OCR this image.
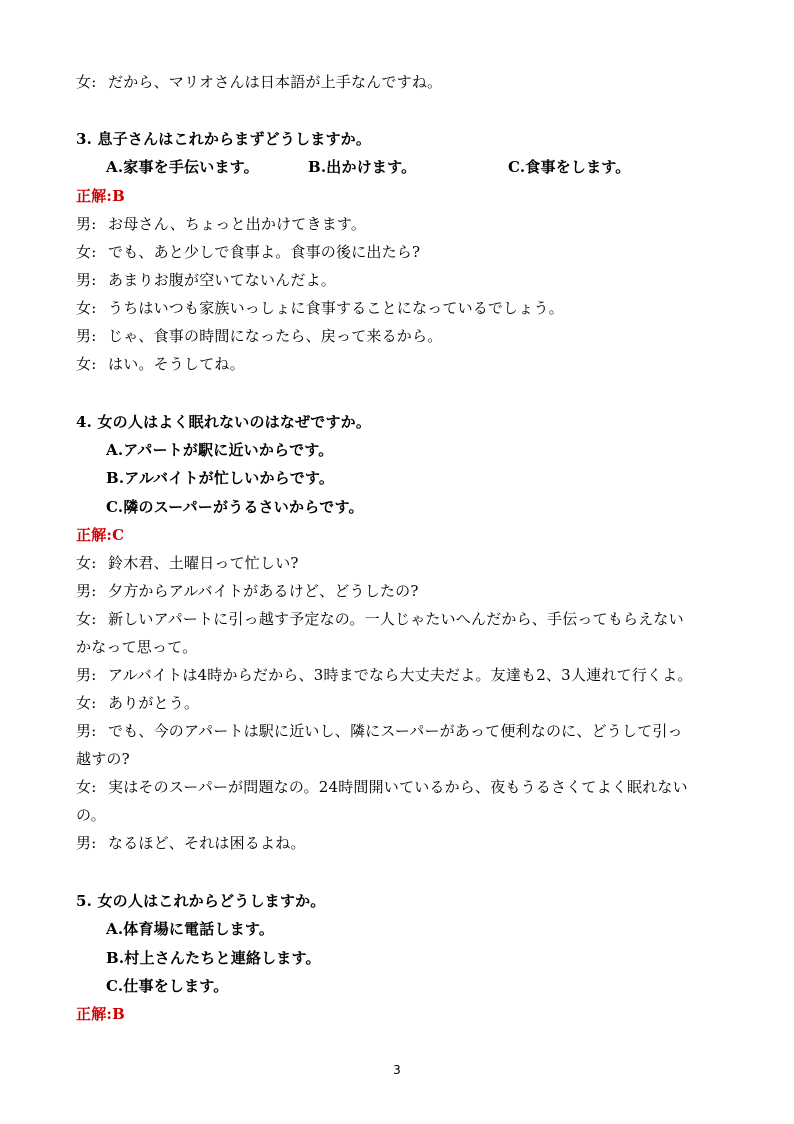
女: だから、マリオさんは日本語が上手なんですね。
3. 息子さんはこれからまずどうしますか。
A.家事を手伝います。	B.出かけます。	C.食事をします。
正解:B
男: お母さん、ちょっと出かけてきます。
女: でも、あと少しで食事よ。食事の後に出たら?
男: あまりお腹が空いてないんだよ。
女: うちはいつも家族いっしょに食事することになっているでしょう。
男: じゃ、食事の時間になったら、戻って来るから。
女: はい。そうしてね。
4. 女の人はよく眠れないのはなぜですか。
A.アパートが駅に近いからです。
B.アルバイトが忙しいからです。
C.隣のスーパーがうるさいからです。
正解:C
女: 鈴木君、土曜日って忙しい?
男: 夕方からアルバイトがあるけど、どうしたの?
女: 新しいアパートに引っ越す予定なの。一人じゃたいへんだから、手伝ってもらえない
かなって思って。
男: アルバイトは4時からだから、3時までなら大丈夫だよ。友達も2、3人連れて行くよ。
女: ありがとう。
男: でも、今のアパートは駅に近いし、隣にスーパーがあって便利なのに、どうして引っ
越すの?
女: 実はそのスーパーが問題なの。24時間開いているから、夜もうるさくてよく眠れない
の。
男: なるほど、それは困るよね。
5. 女の人はこれからどうしますか。
A.体育場に電話します。
B.村上さんたちと連絡します。
C.仕事をします。
正解:B
3
